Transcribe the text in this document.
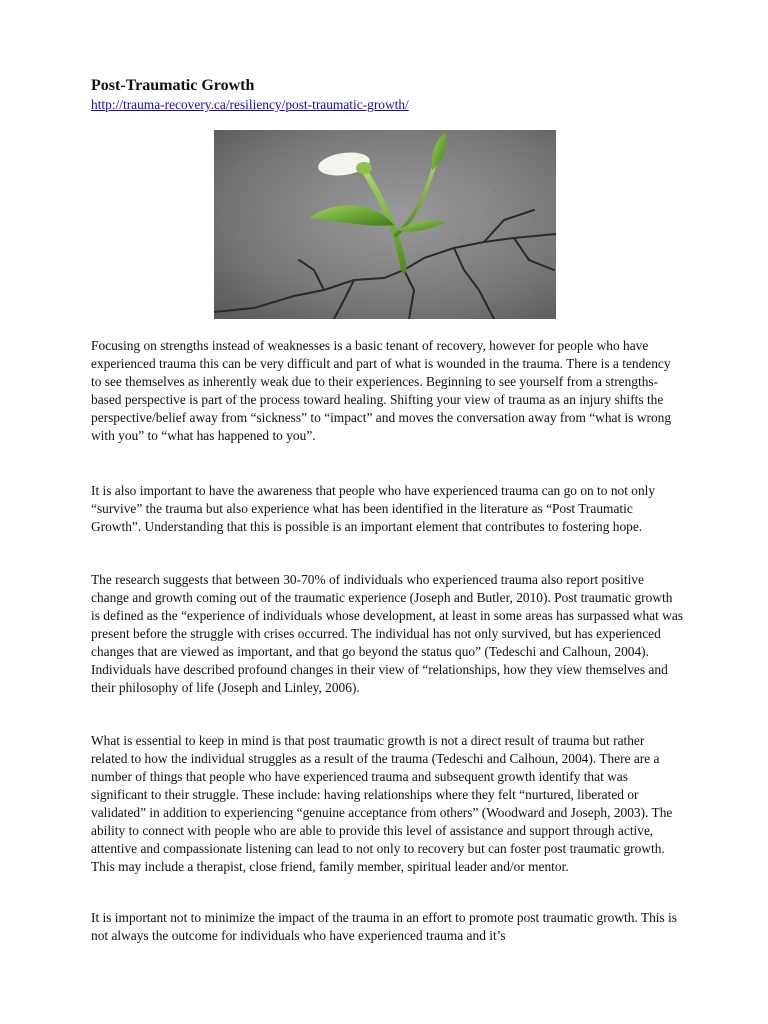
Post-Traumatic Growth
http://trauma-recovery.ca/resiliency/post-traumatic-growth/

Focusing on strengths instead of weaknesses is a basic tenant of recovery, however for people who have experienced trauma this can be very difficult and part of what is wounded in the trauma. There is a tendency to see themselves as inherently weak due to their experiences. Beginning to see yourself from a strengths-based perspective is part of the process toward healing. Shifting your view of trauma as an injury shifts the perspective/belief away from “sickness” to “impact” and moves the conversation away from “what is wrong with you” to “what has happened to you”.

It is also important to have the awareness that people who have experienced trauma can go on to not only “survive” the trauma but also experience what has been identified in the literature as “Post Traumatic Growth”. Understanding that this is possible is an important element that contributes to fostering hope.

The research suggests that between 30-70% of individuals who experienced trauma also report positive change and growth coming out of the traumatic experience (Joseph and Butler, 2010). Post traumatic growth is defined as the “experience of individuals whose development, at least in some areas has surpassed what was present before the struggle with crises occurred. The individual has not only survived, but has experienced changes that are viewed as important, and that go beyond the status quo” (Tedeschi and Calhoun, 2004). Individuals have described profound changes in their view of “relationships, how they view themselves and their philosophy of life (Joseph and Linley, 2006).

What is essential to keep in mind is that post traumatic growth is not a direct result of trauma but rather related to how the individual struggles as a result of the trauma (Tedeschi and Calhoun, 2004). There are a number of things that people who have experienced trauma and subsequent growth identify that was significant to their struggle. These include: having relationships where they felt “nurtured, liberated or validated” in addition to experiencing “genuine acceptance from others” (Woodward and Joseph, 2003). The ability to connect with people who are able to provide this level of assistance and support through active, attentive and compassionate listening can lead to not only to recovery but can foster post traumatic growth. This may include a therapist, close friend, family member, spiritual leader and/or mentor.

It is important not to minimize the impact of the trauma in an effort to promote post traumatic growth. This is not always the outcome for individuals who have experienced trauma and it’s
